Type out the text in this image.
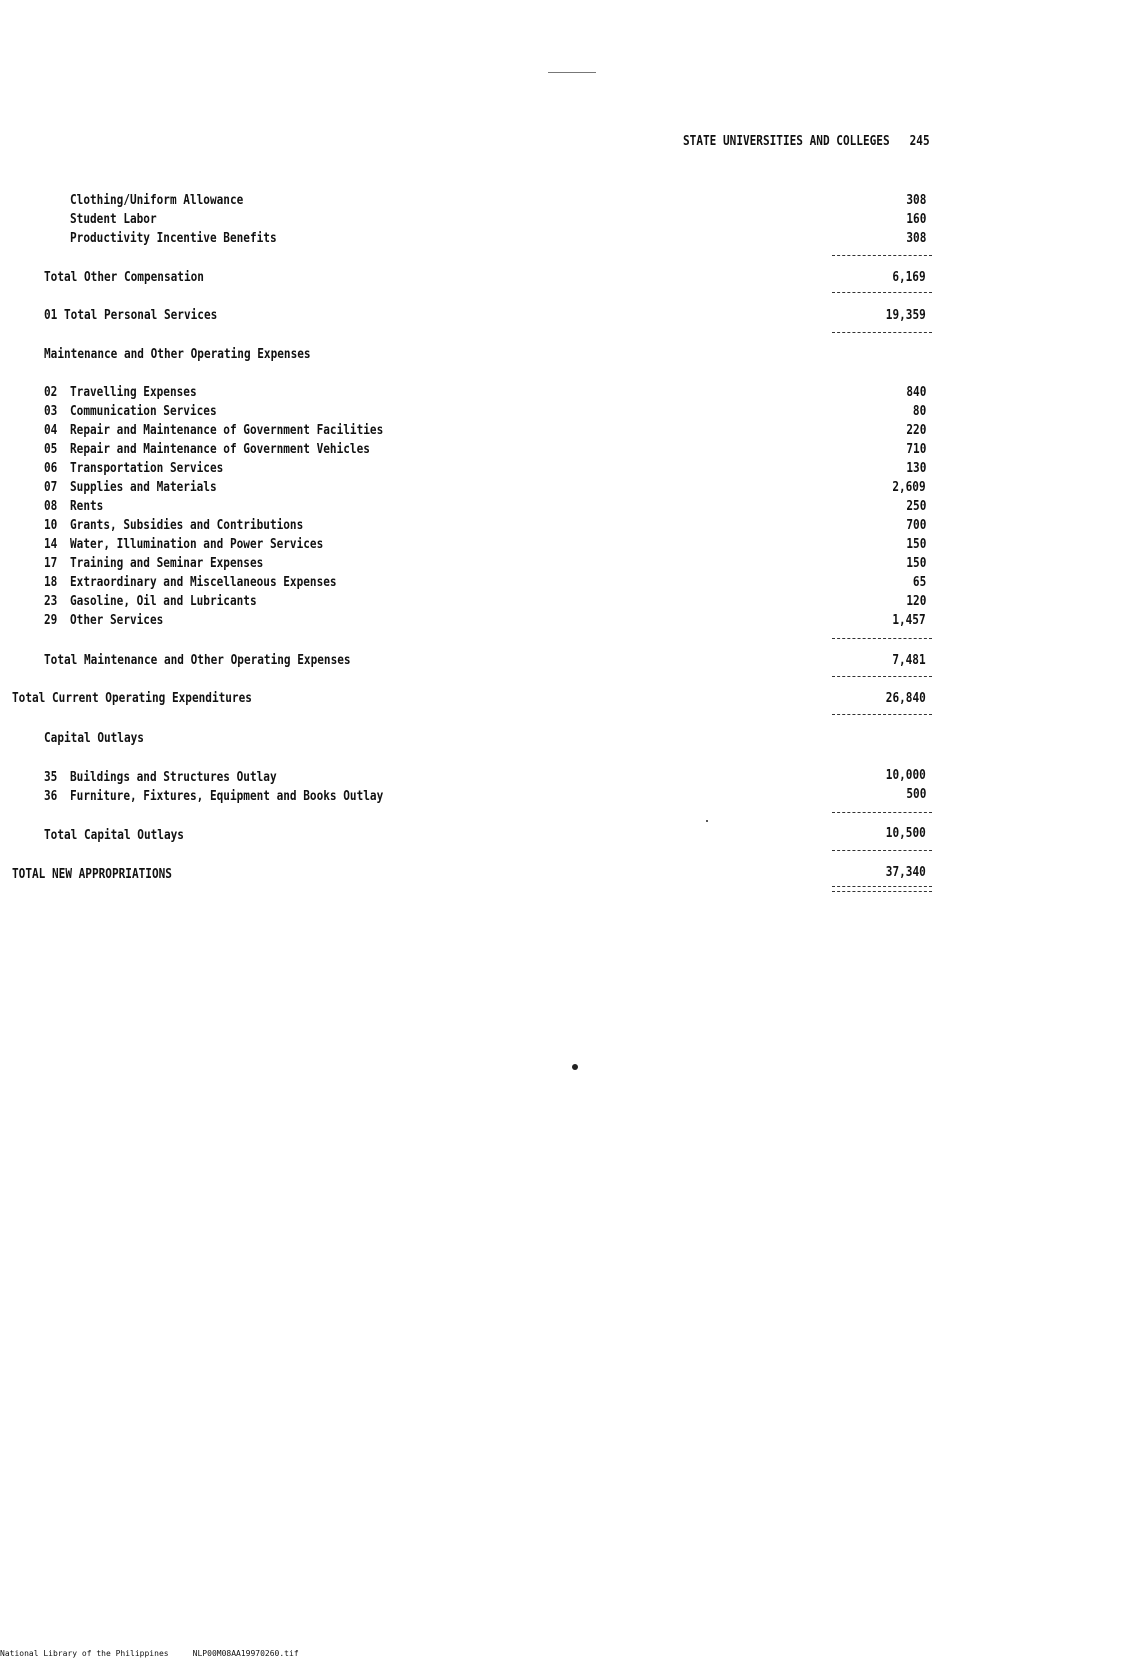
STATE UNIVERSITIES AND COLLEGES 245
Clothing/Uniform Allowance	308
Student Labor	160
Productivity Incentive Benefits	308
Total Other Compensation	6,169
01 Total Personal Services	19,359
Maintenance and Other Operating Expenses
02 Travelling Expenses	840
03 Communication Services	80
04 Repair and Maintenance of Government Facilities	220
05 Repair and Maintenance of Government Vehicles	710
06 Transportation Services	130
07 Supplies and Materials	2,609
08 Rents	250
10 Grants, Subsidies and Contributions	700
14 Water, Illumination and Power Services	150
17 Training and Seminar Expenses	150
18 Extraordinary and Miscellaneous Expenses	65
23 Gasoline, Oil and Lubricants	120
29 Other Services	1,457
Total Maintenance and Other Operating Expenses	7,481
Total Current Operating Expenditures	26,840
Capital Outlays
35 Buildings and Structures Outlay	10,000
36 Furniture, Fixtures, Equipment and Books Outlay	500
Total Capital Outlays	10,500
TOTAL NEW APPROPRIATIONS	37,340
National Library of the Philippines	NLP00M08AA19970260.tif
